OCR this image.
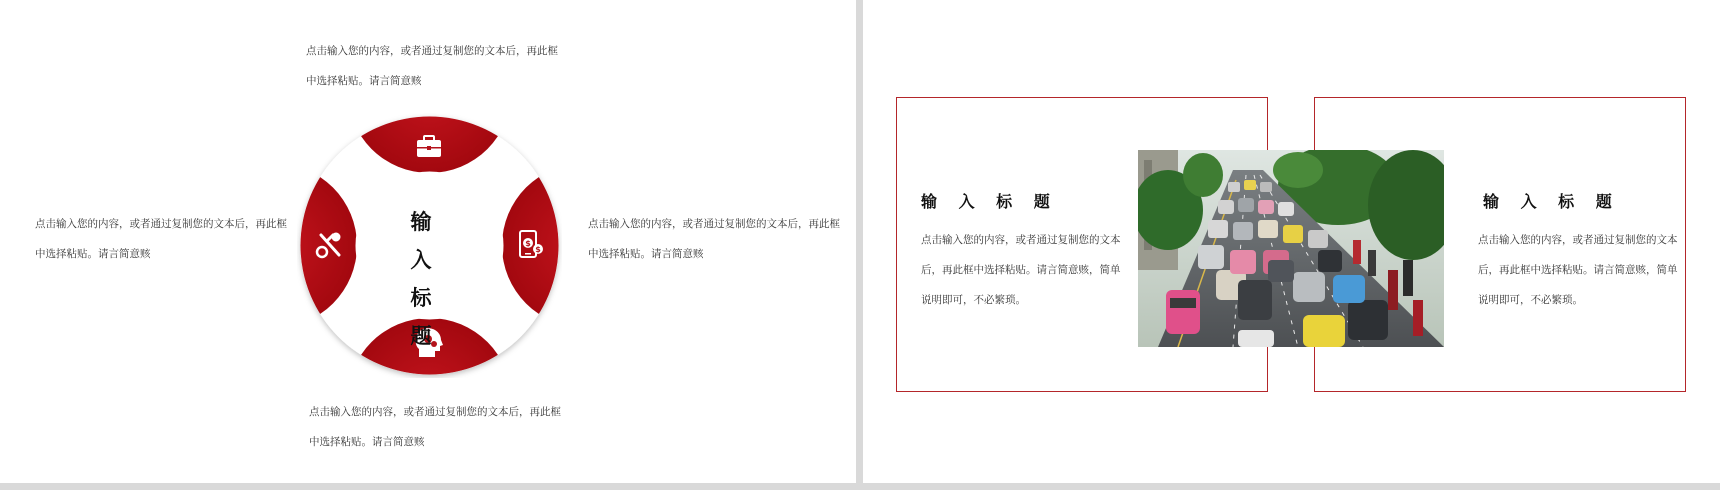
点击输入您的内容，或者通过复制您的文本后，再此框
中选择粘贴。请言简意赅
点击输入您的内容，或者通过复制您的文本后，再此框
中选择粘贴。请言简意赅
点击输入您的内容，或者通过复制您的文本后，再此框
中选择粘贴。请言简意赅
点击输入您的内容，或者通过复制您的文本后，再此框
中选择粘贴。请言简意赅
$
$
输 入
标 题
输 入 标 题
点击输入您的内容，或者通过复制您的文本
后，再此框中选择粘贴。请言简意赅，简单
说明即可，不必繁琐。
输 入 标 题
点击输入您的内容，或者通过复制您的文本
后，再此框中选择粘贴。请言简意赅，简单
说明即可，不必繁琐。
